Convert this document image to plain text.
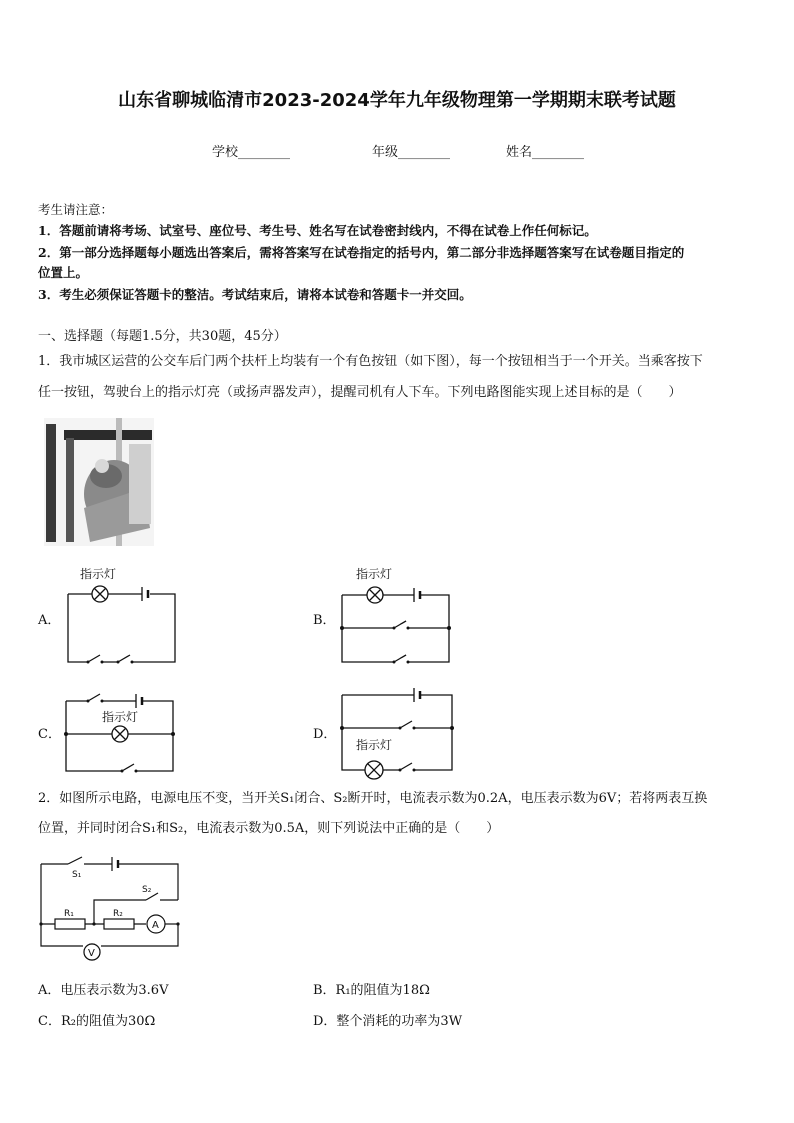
山东省聊城临清市2023-2024学年九年级物理第一学期期末联考试题
学校________	年级________	姓名________
考生请注意：
1．答题前请将考场、试室号、座位号、考生号、姓名写在试卷密封线内，不得在试卷上作任何标记。
2．第一部分选择题每小题选出答案后，需将答案写在试卷指定的括号内，第二部分非选择题答案写在试卷题目指定的
位置上。
3．考生必须保证答题卡的整洁。考试结束后，请将本试卷和答题卡一并交回。
一、选择题（每题1.5分，共30题，45分）
1．我市城区运营的公交车后门两个扶杆上均装有一个有色按钮（如下图），每一个按钮相当于一个开关。当乘客按下
任一按钮，驾驶台上的指示灯亮（或扬声器发声），提醒司机有人下车。下列电路图能实现上述目标的是（　　）
A．
指示灯
B．
指示灯
C．
指示灯
D．
指示灯
2．如图所示电路，电源电压不变，当开关S₁闭合、S₂断开时，电流表示数为0.2A，电压表示数为6V；若将两表互换
位置，并同时闭合S₁和S₂，电流表示数为0.5A，则下列说法中正确的是（　　）
S₁
S₂
R₁	R₂
A
V
A．电压表示数为3.6V	B．R₁的阻值为18Ω
C．R₂的阻值为30Ω	D．整个消耗的功率为3W
